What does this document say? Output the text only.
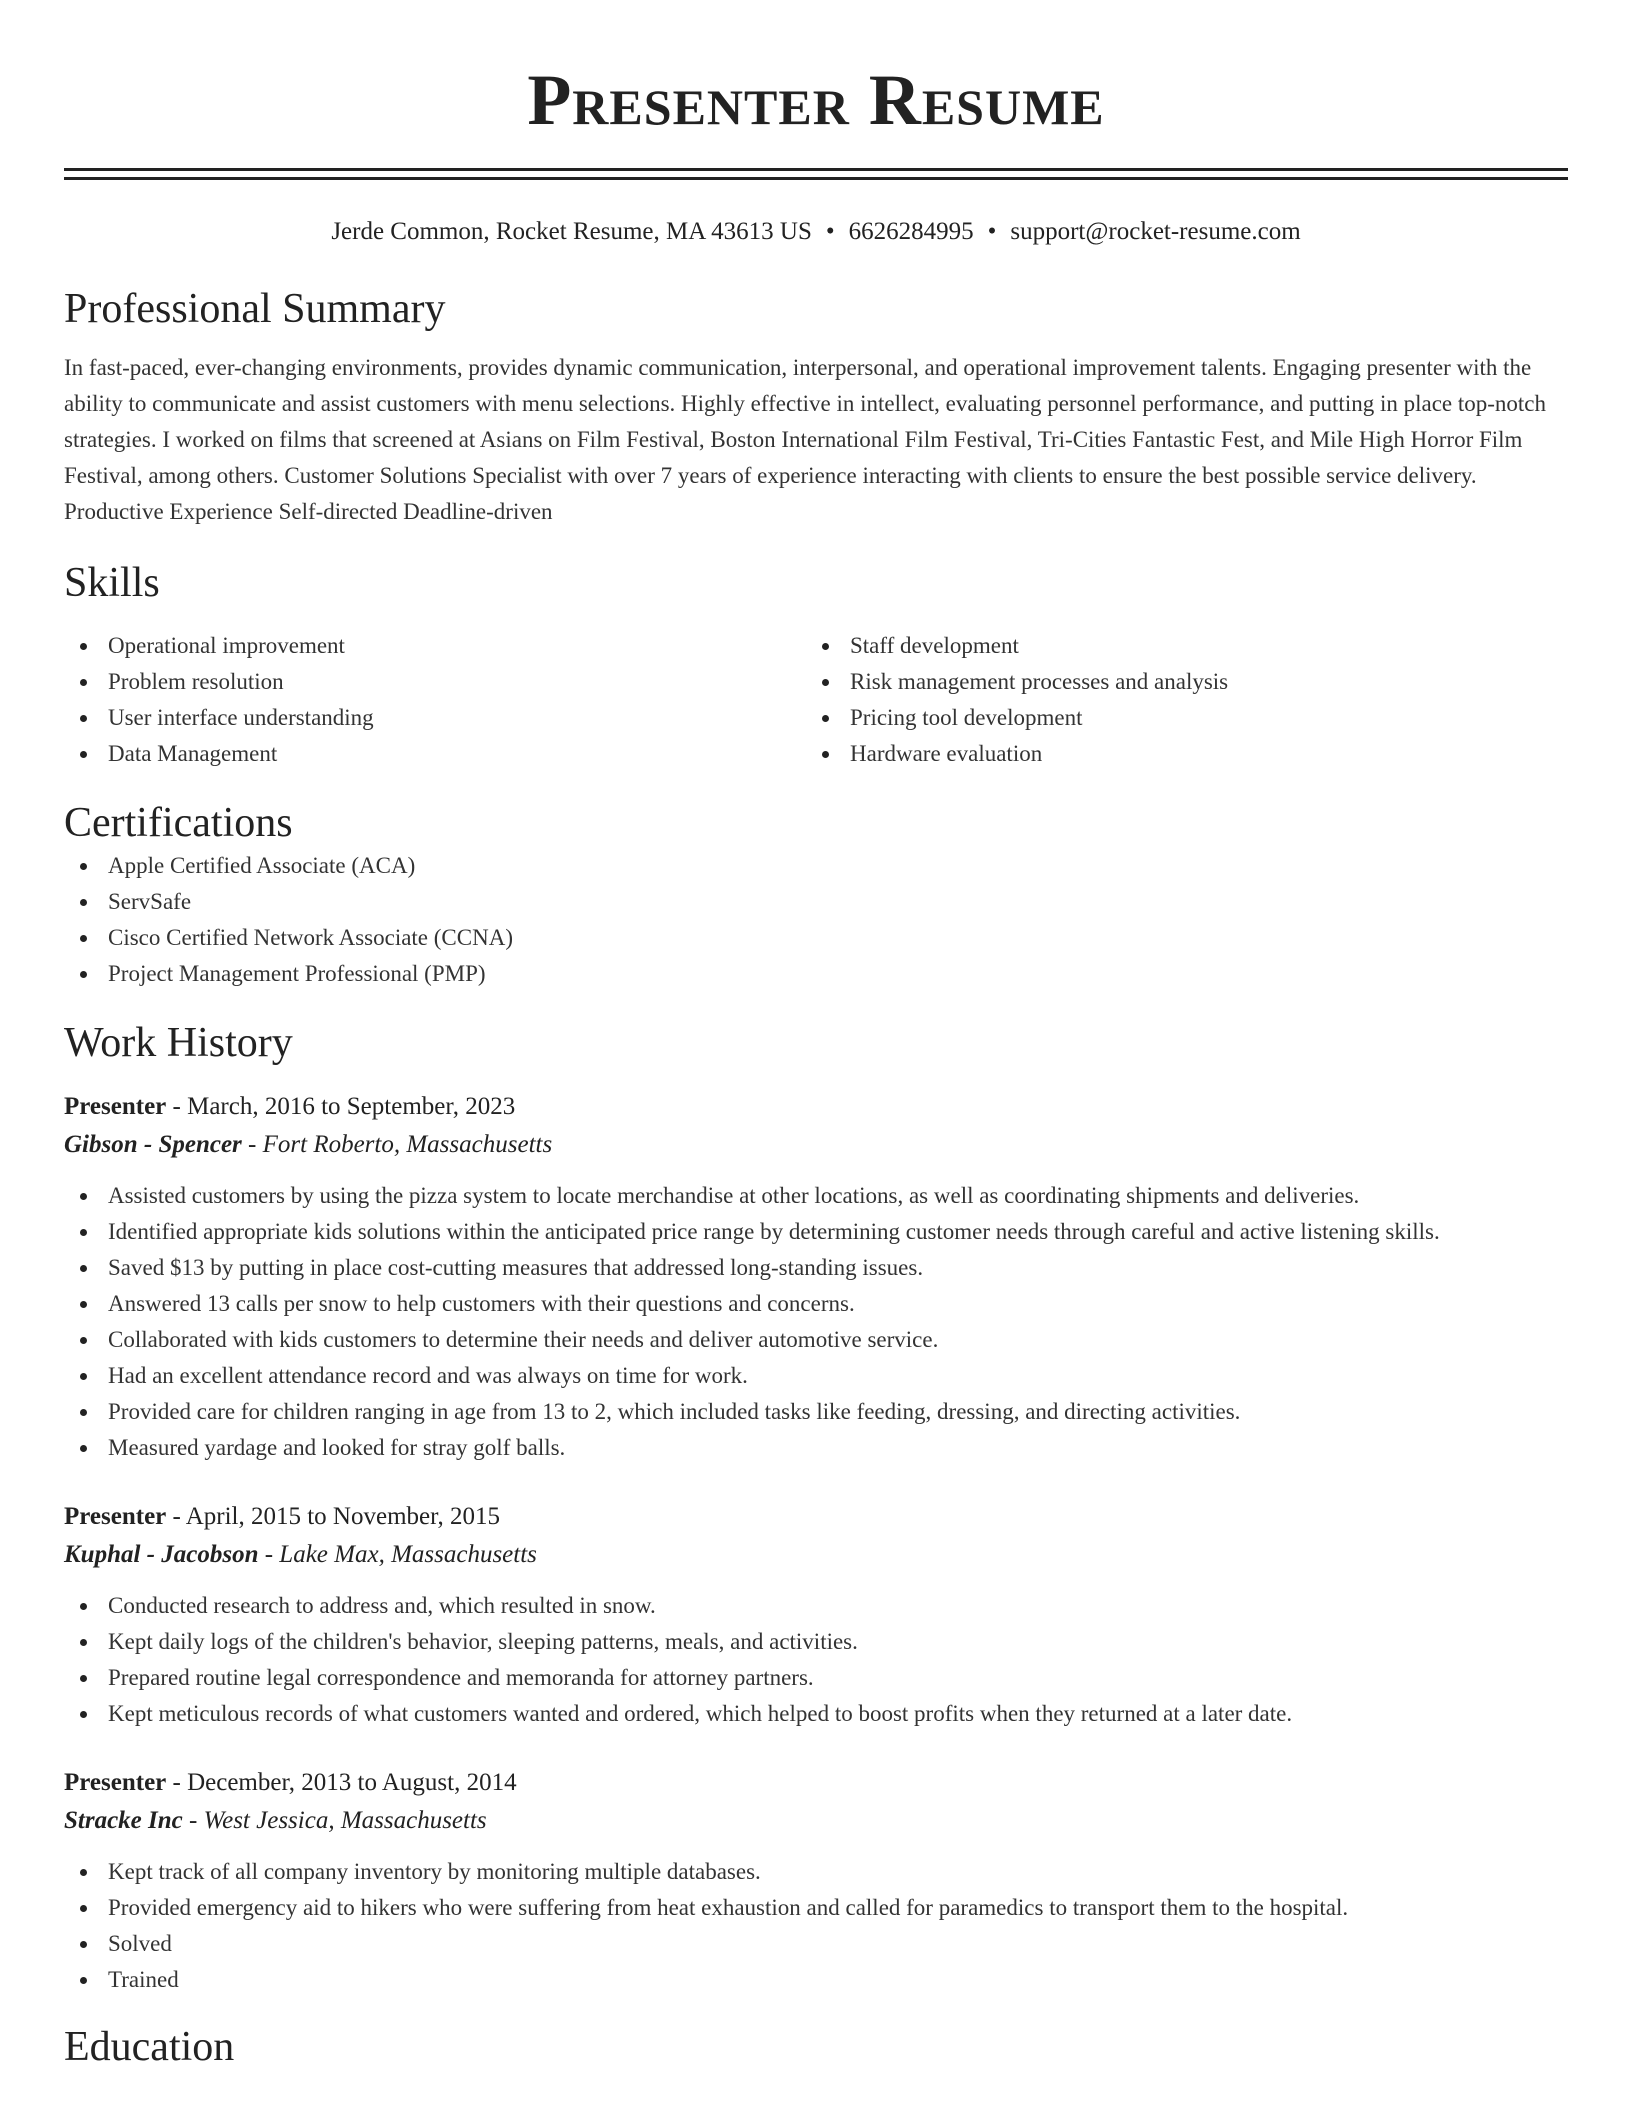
Presenter Resume
Jerde Common, Rocket Resume, MA 43613 US • 6626284995 • support@rocket-resume.com
Professional Summary
In fast-paced, ever-changing environments, provides dynamic communication, interpersonal, and operational improvement talents. Engaging presenter with the ability to communicate and assist customers with menu selections. Highly effective in intellect, evaluating personnel performance, and putting in place top-notch strategies. I worked on films that screened at Asians on Film Festival, Boston International Film Festival, Tri-Cities Fantastic Fest, and Mile High Horror Film Festival, among others. Customer Solutions Specialist with over 7 years of experience interacting with clients to ensure the best possible service delivery. Productive Experience Self-directed Deadline-driven
Skills
Operational improvement
Problem resolution
User interface understanding
Data Management
Staff development
Risk management processes and analysis
Pricing tool development
Hardware evaluation
Certifications
Apple Certified Associate (ACA)
ServSafe
Cisco Certified Network Associate (CCNA)
Project Management Professional (PMP)
Work History
Presenter - March, 2016 to September, 2023
Gibson - Spencer - Fort Roberto, Massachusetts
Assisted customers by using the pizza system to locate merchandise at other locations, as well as coordinating shipments and deliveries.
Identified appropriate kids solutions within the anticipated price range by determining customer needs through careful and active listening skills.
Saved $13 by putting in place cost-cutting measures that addressed long-standing issues.
Answered 13 calls per snow to help customers with their questions and concerns.
Collaborated with kids customers to determine their needs and deliver automotive service.
Had an excellent attendance record and was always on time for work.
Provided care for children ranging in age from 13 to 2, which included tasks like feeding, dressing, and directing activities.
Measured yardage and looked for stray golf balls.
Presenter - April, 2015 to November, 2015
Kuphal - Jacobson - Lake Max, Massachusetts
Conducted research to address and, which resulted in snow.
Kept daily logs of the children's behavior, sleeping patterns, meals, and activities.
Prepared routine legal correspondence and memoranda for attorney partners.
Kept meticulous records of what customers wanted and ordered, which helped to boost profits when they returned at a later date.
Presenter - December, 2013 to August, 2014
Stracke Inc - West Jessica, Massachusetts
Kept track of all company inventory by monitoring multiple databases.
Provided emergency aid to hikers who were suffering from heat exhaustion and called for paramedics to transport them to the hospital.
Solved
Trained
Education
